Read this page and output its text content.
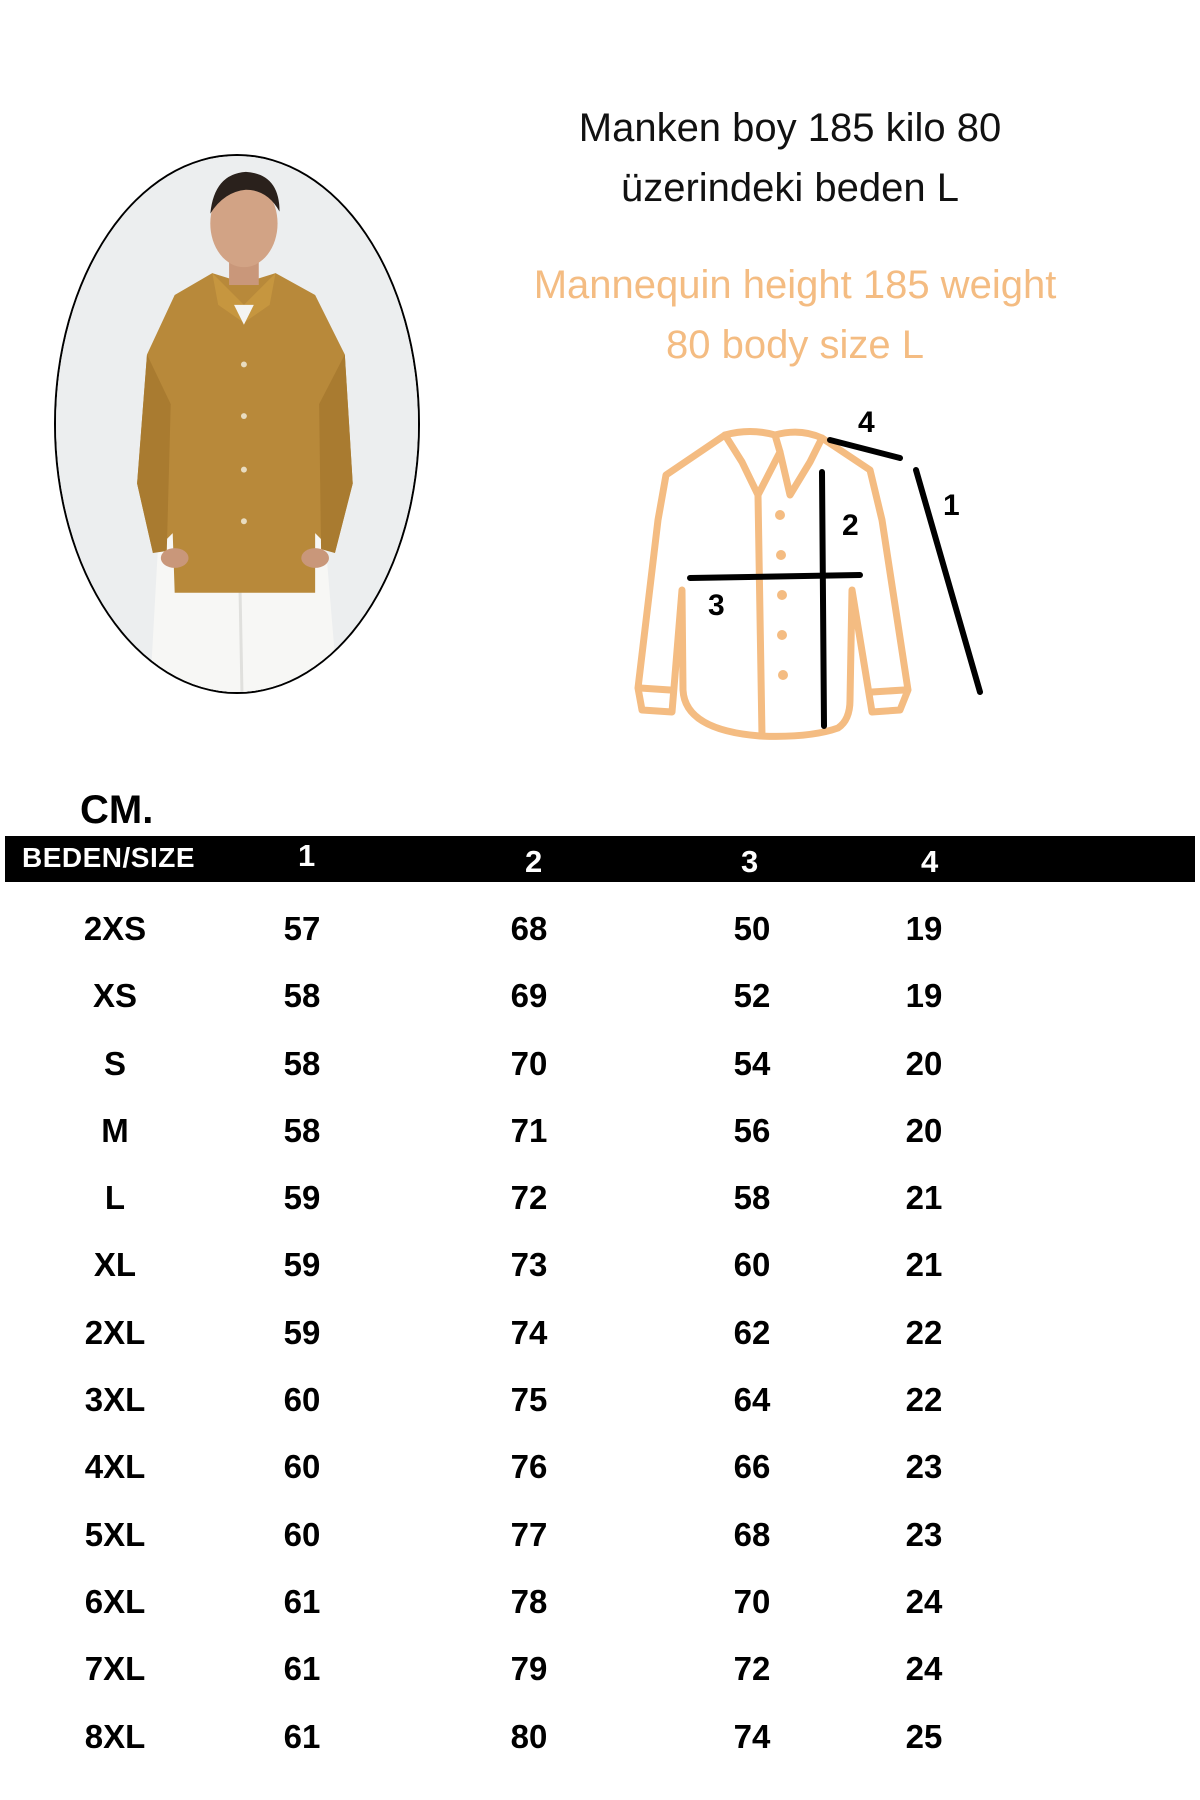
Manken boy 185 kilo 80
üzerindeki beden L
Mannequin height 185 weight
80 body size L
1
2
3
4
CM.
BEDEN/SIZE	1	2	3	4
2XS	57	68	50	19
XS	58	69	52	19
S	58	70	54	20
M	58	71	56	20
L	59	72	58	21
XL	59	73	60	21
2XL	59	74	62	22
3XL	60	75	64	22
4XL	60	76	66	23
5XL	60	77	68	23
6XL	61	78	70	24
7XL	61	79	72	24
8XL	61	80	74	25
